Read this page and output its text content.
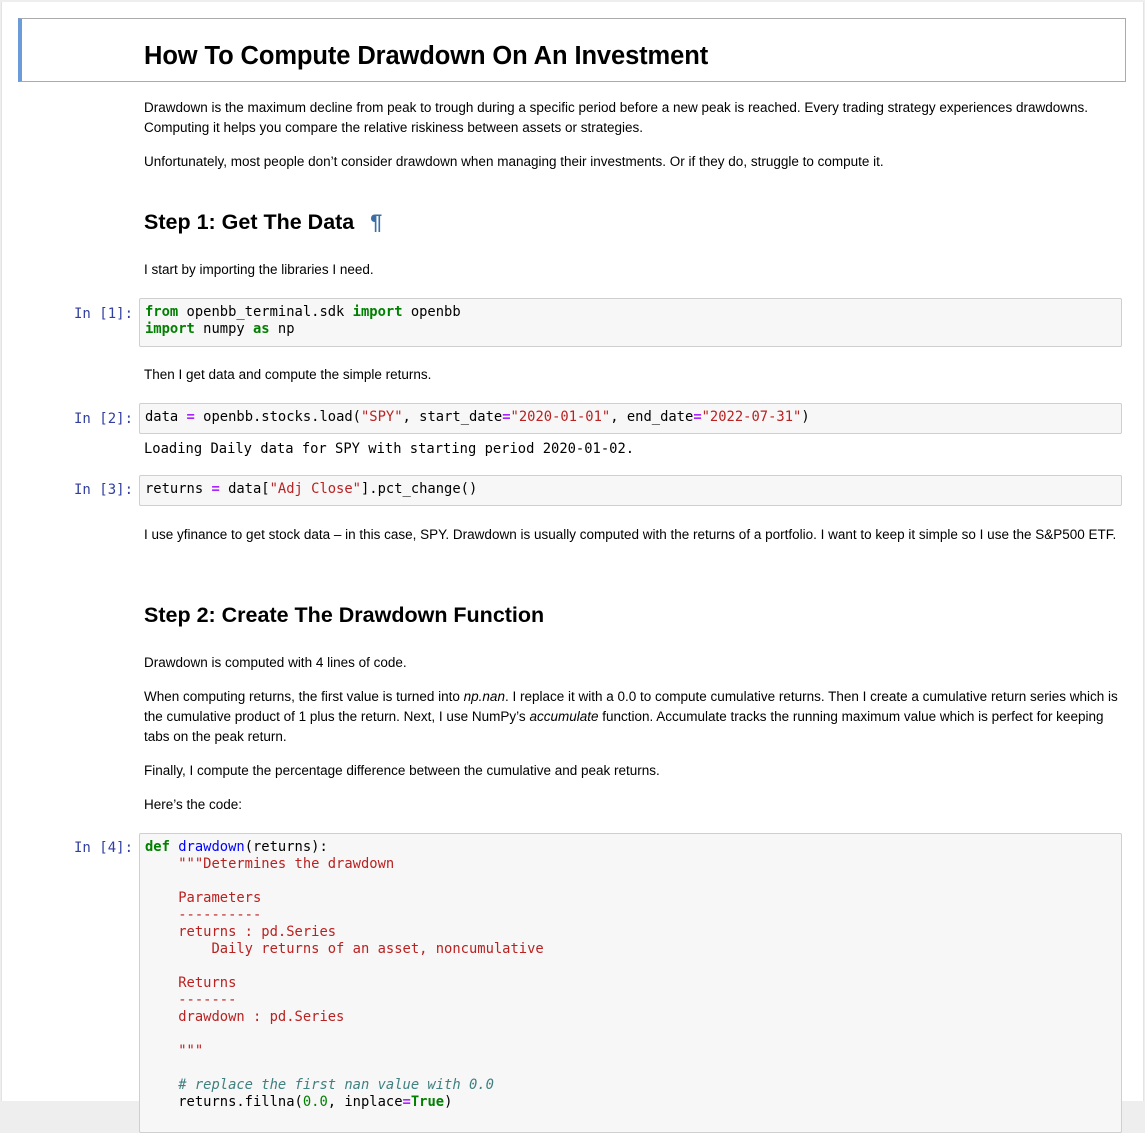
How To Compute Drawdown On An Investment

Drawdown is the maximum decline from peak to trough during a specific period before a new peak is reached. Every trading strategy experiences drawdowns. Computing it helps you compare the relative riskiness between assets or strategies.

Unfortunately, most people don’t consider drawdown when managing their investments. Or if they do, struggle to compute it.

Step 1: Get The Data ¶

I start by importing the libraries I need.

In [1]: from openbb_terminal.sdk import openbb
import numpy as np

Then I get data and compute the simple returns.

In [2]: data = openbb.stocks.load("SPY", start_date="2020-01-01", end_date="2022-07-31")
Loading Daily data for SPY with starting period 2020-01-02.
In [3]: returns = data["Adj Close"].pct_change()

I use yfinance to get stock data – in this case, SPY. Drawdown is usually computed with the returns of a portfolio. I want to keep it simple so I use the S&P500 ETF.

Step 2: Create The Drawdown Function

Drawdown is computed with 4 lines of code.

When computing returns, the first value is turned into np.nan. I replace it with a 0.0 to compute cumulative returns. Then I create a cumulative return series which is the cumulative product of 1 plus the return. Next, I use NumPy’s accumulate function. Accumulate tracks the running maximum value which is perfect for keeping tabs on the peak return.

Finally, I compute the percentage difference between the cumulative and peak returns.

Here’s the code:

In [4]: def drawdown(returns):
"""Determines the drawdown

Parameters
----------
returns : pd.Series
Daily returns of an asset, noncumulative

Returns
-------
drawdown : pd.Series

"""

# replace the first nan value with 0.0
returns.fillna(0.0, inplace=True)
